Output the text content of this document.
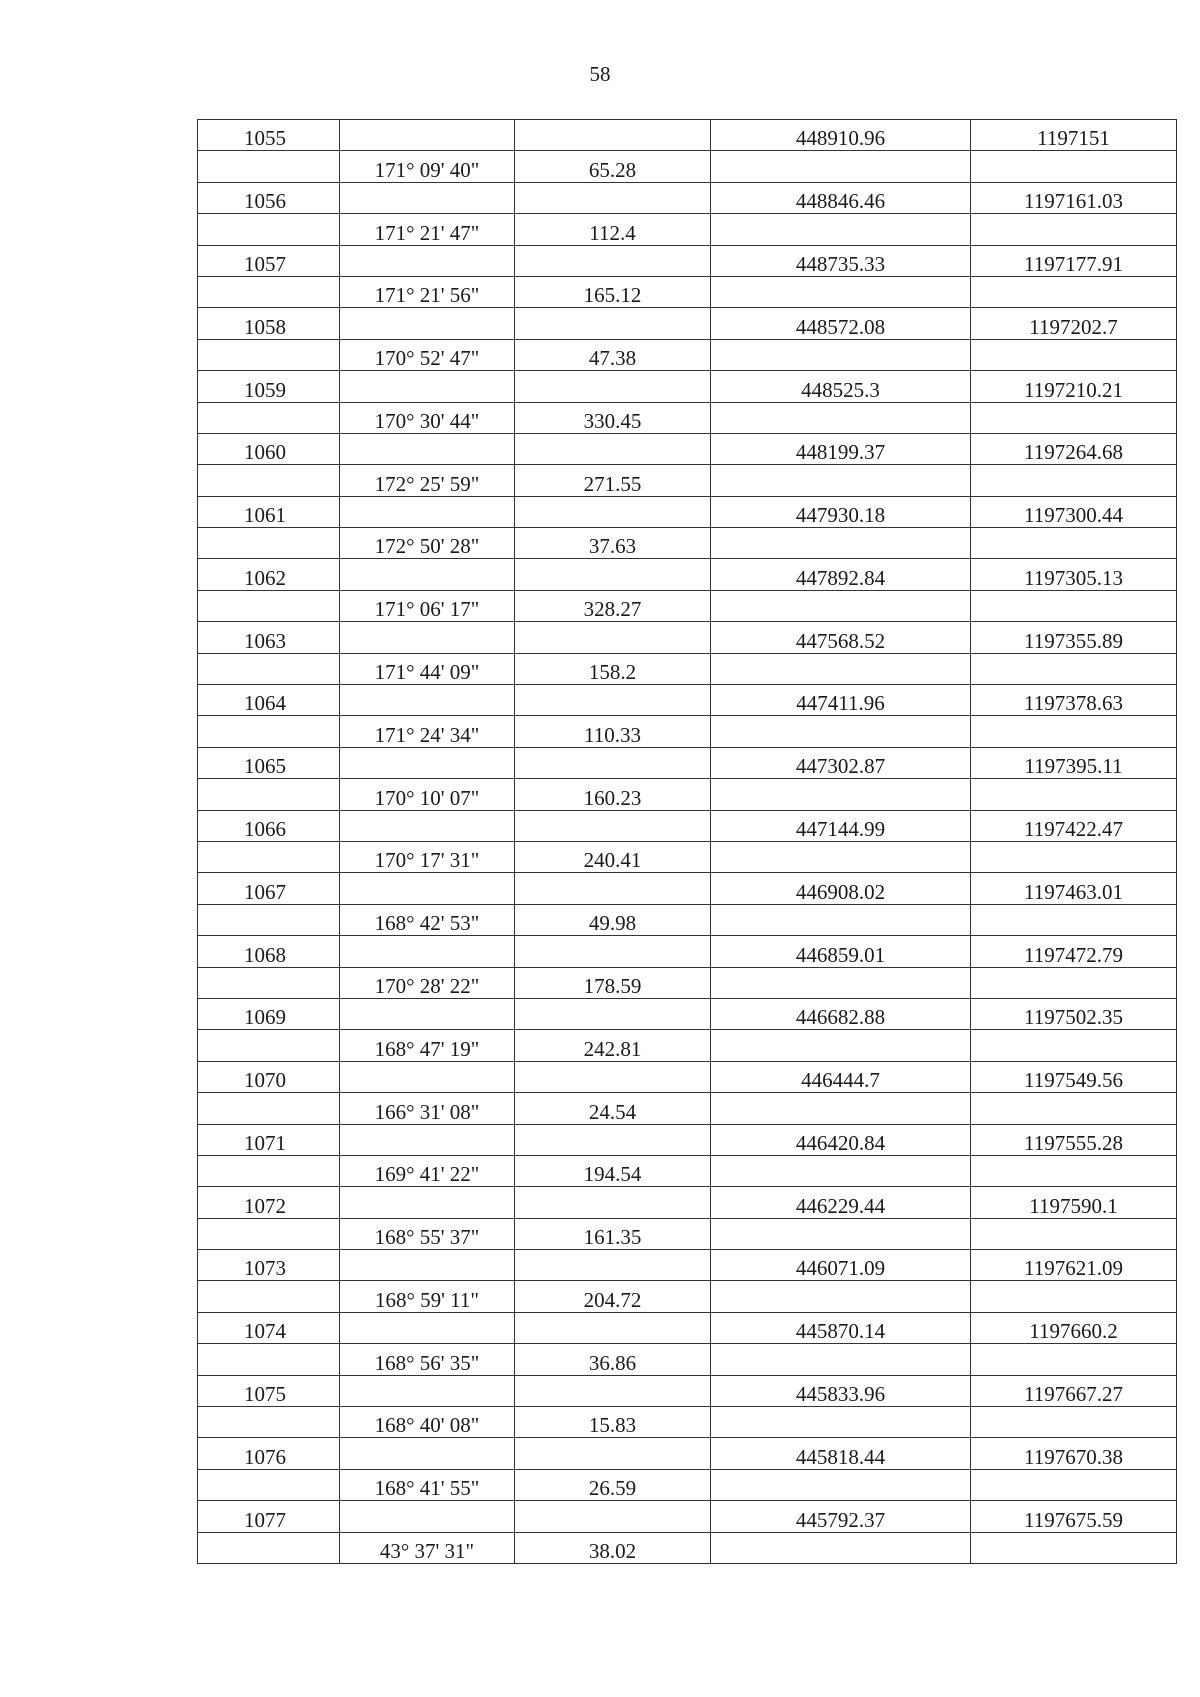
58
1055			448910.96	1197151
	171° 09' 40"	65.28		
1056			448846.46	1197161.03
	171° 21' 47"	112.4		
1057			448735.33	1197177.91
	171° 21' 56"	165.12		
1058			448572.08	1197202.7
	170° 52' 47"	47.38		
1059			448525.3	1197210.21
	170° 30' 44"	330.45		
1060			448199.37	1197264.68
	172° 25' 59"	271.55		
1061			447930.18	1197300.44
	172° 50' 28"	37.63		
1062			447892.84	1197305.13
	171° 06' 17"	328.27		
1063			447568.52	1197355.89
	171° 44' 09"	158.2		
1064			447411.96	1197378.63
	171° 24' 34"	110.33		
1065			447302.87	1197395.11
	170° 10' 07"	160.23		
1066			447144.99	1197422.47
	170° 17' 31"	240.41		
1067			446908.02	1197463.01
	168° 42' 53"	49.98		
1068			446859.01	1197472.79
	170° 28' 22"	178.59		
1069			446682.88	1197502.35
	168° 47' 19"	242.81		
1070			446444.7	1197549.56
	166° 31' 08"	24.54		
1071			446420.84	1197555.28
	169° 41' 22"	194.54		
1072			446229.44	1197590.1
	168° 55' 37"	161.35		
1073			446071.09	1197621.09
	168° 59' 11"	204.72		
1074			445870.14	1197660.2
	168° 56' 35"	36.86		
1075			445833.96	1197667.27
	168° 40' 08"	15.83		
1076			445818.44	1197670.38
	168° 41' 55"	26.59		
1077			445792.37	1197675.59
	43° 37' 31"	38.02		
